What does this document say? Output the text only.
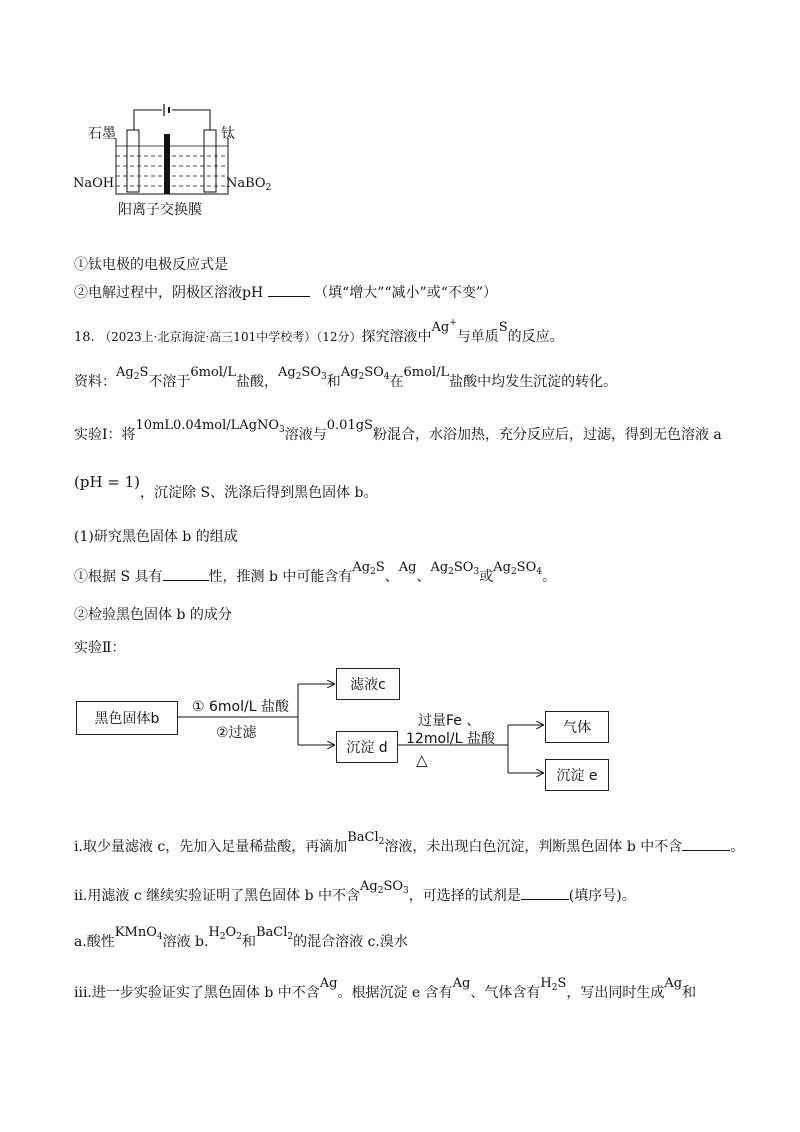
石墨	钛
NaOH	NaBO$_2$
阳离子交换膜
①钛电极的电极反应式是
②电解过程中，阴极区溶液pH	（填“增大”“减小”或“不变”）
18. （2023上·北京海淀·高三101中学校考）（12分）探究溶液中Ag+与单质S的反应。
资料：$Ag_2S$不溶于6mol/L盐酸，$Ag_2SO_3$和$Ag_2SO_4$在6mol/L盐酸中均发生沉淀的转化。
实验Ⅰ：将10mL0.04mol/LAgNO$_3$溶液与0.01gS粉混合，水浴加热，充分反应后，过滤，得到无色溶液 a
(pH = 1)，沉淀除 S、洗涤后得到黑色固体 b。
(1)研究黑色固体 b 的组成
①根据 S 具有	性，推测 b 中可能含有$Ag_2S$、Ag、$Ag_2SO_3$或$Ag_2SO_4$。
②检验黑色固体 b 的成分
实验Ⅱ：
黑色固体b
① 6mol/L 盐酸
②过滤
滤液c
沉淀 d
过量Fe 、
12mol/L 盐酸
△
气体
沉淀 e
i.取少量滤液 c，先加入足量稀盐酸，再滴加BaCl$_2$溶液，未出现白色沉淀，判断黑色固体 b 中不含	。
ii.用滤液 c 继续实验证明了黑色固体 b 中不含$Ag_2SO_3$，可选择的试剂是	(填序号)。
a.酸性KMnO$_4$溶液 $b.H_2O_2$和BaCl$_2$的混合溶液 c.溴水
iii.进一步实验证实了黑色固体 b 中不含Ag。根据沉淀 e 含有Ag、气体含有$H_2S$，写出同时生成Ag和
